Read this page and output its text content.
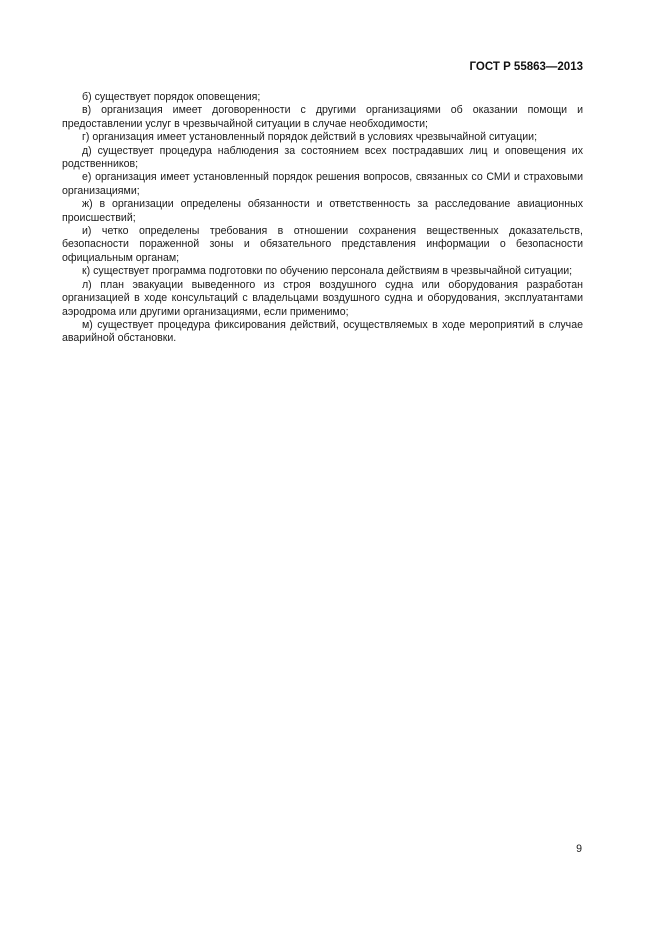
ГОСТ Р 55863—2013

б) существует порядок оповещения;

в) организация имеет договоренности с другими организациями об оказании помощи и предоставлении услуг в чрезвычайной ситуации в случае необходимости;

г) организация имеет установленный порядок действий в условиях чрезвычайной ситуации;

д) существует процедура наблюдения за состоянием всех пострадавших лиц и оповещения их родственников;

е) организация имеет установленный порядок решения вопросов, связанных со СМИ и страховыми организациями;

ж) в организации определены обязанности и ответственность за расследование авиационных происшествий;

и) четко определены требования в отношении сохранения вещественных доказательств, безопасности пораженной зоны и обязательного представления информации о безопасности официальным органам;

к) существует программа подготовки по обучению персонала действиям в чрезвычайной ситуации;

л) план эвакуации выведенного из строя воздушного судна или оборудования разработан организацией в ходе консультаций с владельцами воздушного судна и оборудования, эксплуатантами аэродрома или другими организациями, если применимо;

м) существует процедура фиксирования действий, осуществляемых в ходе мероприятий в случае аварийной обстановки.

9
